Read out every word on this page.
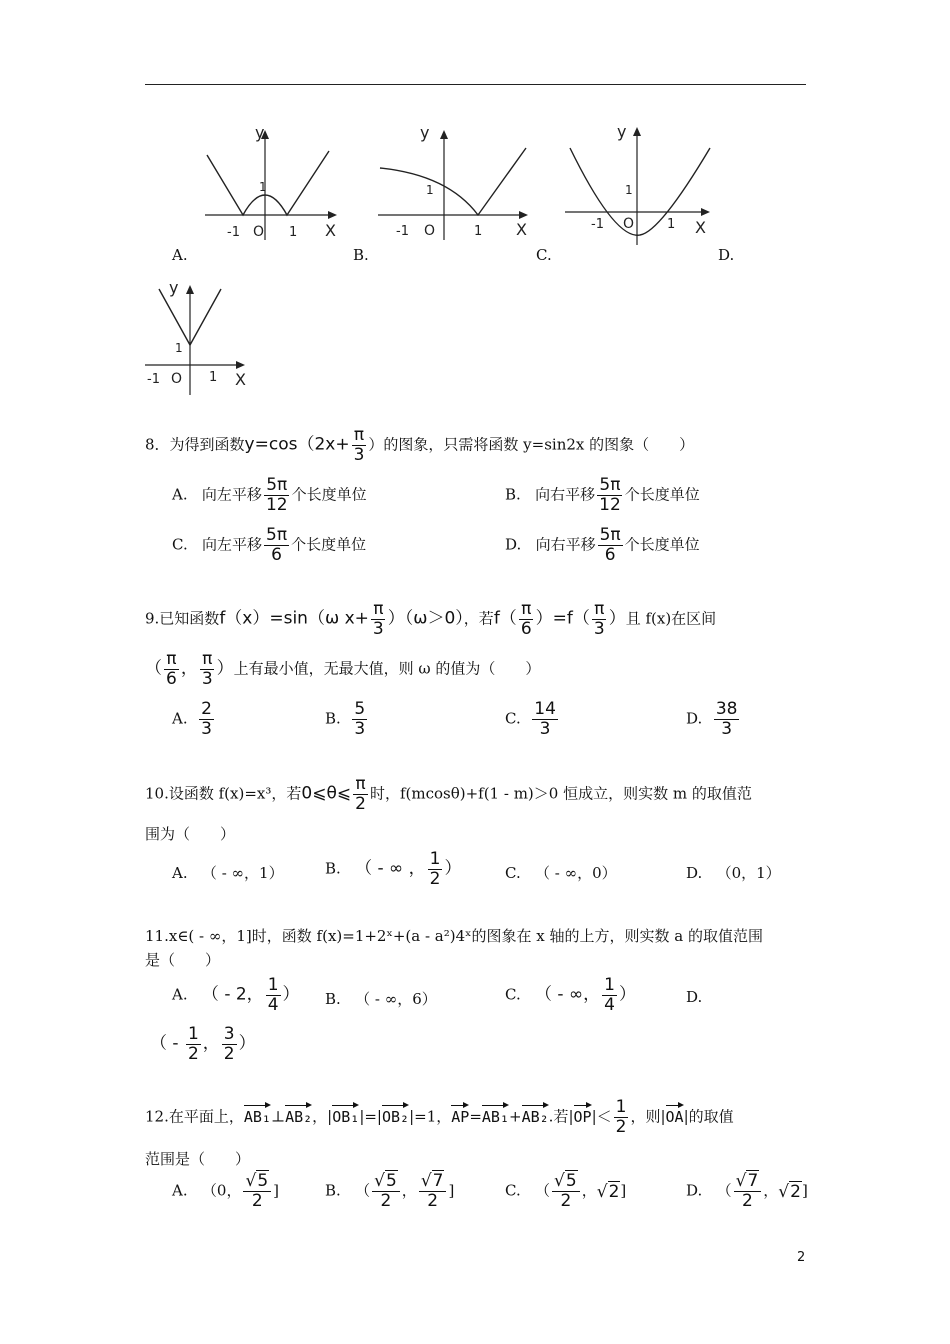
y
1
-1 O 1 X
A.
y
1
-1 O	1 X
B.
y
1
-1 O	1 X
C.	D.
y
1
-1 O 1 X
8．为得到函数$y=\cos(2x+ \frac{\pi}{3}$ ）的图象，只需将函数 y=sin2x 的图象（　　）
A. 向左平移 $\frac{5\pi}{12}$ 个长度单位	B. 向右平移 $\frac{5\pi}{12}$ 个长度单位
C. 向左平移 $\frac{5\pi}{6}$ 个长度单位	D. 向右平移 $\frac{5\pi}{6}$ 个长度单位
9.已知函数f（x）=sin（ω $x+ \frac{\pi}{3} )(\omega>0)$，若$f( \frac{\pi}{6} )=f( \frac{\pi}{3}$ ）且 f(x)在区间
（ $\frac{\pi}{6}$ ， $\frac{\pi}{3}$ ）上有最小值，无最大值，则 ω 的值为（　　）
A. $\frac{2}{3}$	B. $\frac{5}{3}$	C. $\frac{14}{3}$	D. $\frac{38}{3}$
10.设函数 f(x)=x³，若0⩽θ⩽ $\frac{\pi}{2}$ 时，f(mcosθ)+f(1 - m)＞0 恒成立，则实数 m 的取值范
围为（　　）
A. （ - ∞，1）	B. （ - ∞ ， $\frac{1}{2}$ ）	C. （ - ∞，0）	D. （0，1）
11.x∈( - ∞，1]时，函数 f(x)=1+2ˣ+(a - a²)4ˣ的图象在 x 轴的上方，则实数 a 的取值范围
是（　　）
A. （ - 2， $\frac{1}{4}$ ） B. （ - ∞，6）	C. （ - ∞， $\frac{1}{4}$ ）	D.
（ - $\frac{1}{2}$ ， $\frac{3}{2}$ ）
12.在平面上，AB₁⊥AB₂，|OB₁|=|OB₂|=1，AP=AB₁+AB₂.若$|OP|< \frac{1}{2}$ ，则|OA|的取值
范围是（　　）
A. （0， $\frac{√5}{2}$ ]	B. （ $\frac{√5}{2}$ ， $\frac{√7}{2}$ ]	C. （ $\frac{√5}{2}$ ，√2]	D. （ $\frac{√7}{2}$ ，√2]
2
